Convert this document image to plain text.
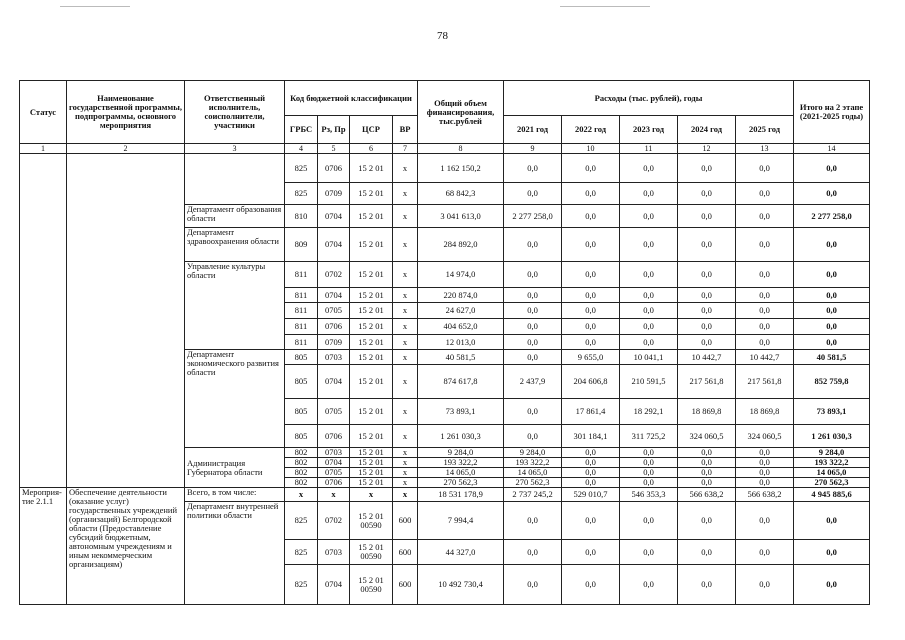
78
Статус	Наименование государственной программы, подпрограммы, основного мероприятия	Ответственный исполнитель, соисполнители, участники	Код бюджетной классификации				Общий объем финансирования, тыс.рублей	Расходы (тыс. рублей), годы					Итого на 2 этапе (2021-2025 годы)
			ГРБС	Рз, Пр	ЦСР	ВР		2021 год	2022 год	2023 год	2024 год	2025 год	
1	2	3	4	5	6	7	8	9	10	11	12	13	14
			825	0706	15 2 01	х	1 162 150,2	0,0	0,0	0,0	0,0	0,0	0,0
			825	0709	15 2 01	х	68 842,3	0,0	0,0	0,0	0,0	0,0	0,0
		Департамент образования области	810	0704	15 2 01	х	3 041 613,0	2 277 258,0	0,0	0,0	0,0	0,0	2 277 258,0
		Департамент здравоохранения области	809	0704	15 2 01	х	284 892,0	0,0	0,0	0,0	0,0	0,0	0,0
		Управление культуры области	811	0702	15 2 01	х	14 974,0	0,0	0,0	0,0	0,0	0,0	0,0
			811	0704	15 2 01	х	220 874,0	0,0	0,0	0,0	0,0	0,0	0,0
			811	0705	15 2 01	х	24 627,0	0,0	0,0	0,0	0,0	0,0	0,0
			811	0706	15 2 01	х	404 652,0	0,0	0,0	0,0	0,0	0,0	0,0
			811	0709	15 2 01	х	12 013,0	0,0	0,0	0,0	0,0	0,0	0,0
		Департамент экономического развития области	805	0703	15 2 01	х	40 581,5	0,0	9 655,0	10 041,1	10 442,7	10 442,7	40 581,5
			805	0704	15 2 01	х	874 617,8	2 437,9	204 606,8	210 591,5	217 561,8	217 561,8	852 759,8
			805	0705	15 2 01	х	73 893,1	0,0	17 861,4	18 292,1	18 869,8	18 869,8	73 893,1
			805	0706	15 2 01	х	1 261 030,3	0,0	301 184,1	311 725,2	324 060,5	324 060,5	1 261 030,3
		Администрация Губернатора области	802	0703	15 2 01	х	9 284,0	9 284,0	0,0	0,0	0,0	0,0	9 284,0
			802	0704	15 2 01	х	193 322,2	193 322,2	0,0	0,0	0,0	0,0	193 322,2
			802	0705	15 2 01	х	14 065,0	14 065,0	0,0	0,0	0,0	0,0	14 065,0
			802	0706	15 2 01	х	270 562,3	270 562,3	0,0	0,0	0,0	0,0	270 562,3
Мероприя-тие 2.1.1	Обеспечение деятельности (оказание услуг) государственных учреждений (организаций) Белгородской области (Предоставление субсидий бюджетным, автономным учреждениям и иным некоммерческим организациям)	Всего, в том числе:	х	х	х	х	18 531 178,9	2 737 245,2	529 010,7	546 353,3	566 638,2	566 638,2	4 945 885,6
		Департамент внутренней политики области	825	0702	15 2 01 00590	600	7 994,4	0,0	0,0	0,0	0,0	0,0	0,0
			825	0703	15 2 01 00590	600	44 327,0	0,0	0,0	0,0	0,0	0,0	0,0
			825	0704	15 2 01 00590	600	10 492 730,4	0,0	0,0	0,0	0,0	0,0	0,0
